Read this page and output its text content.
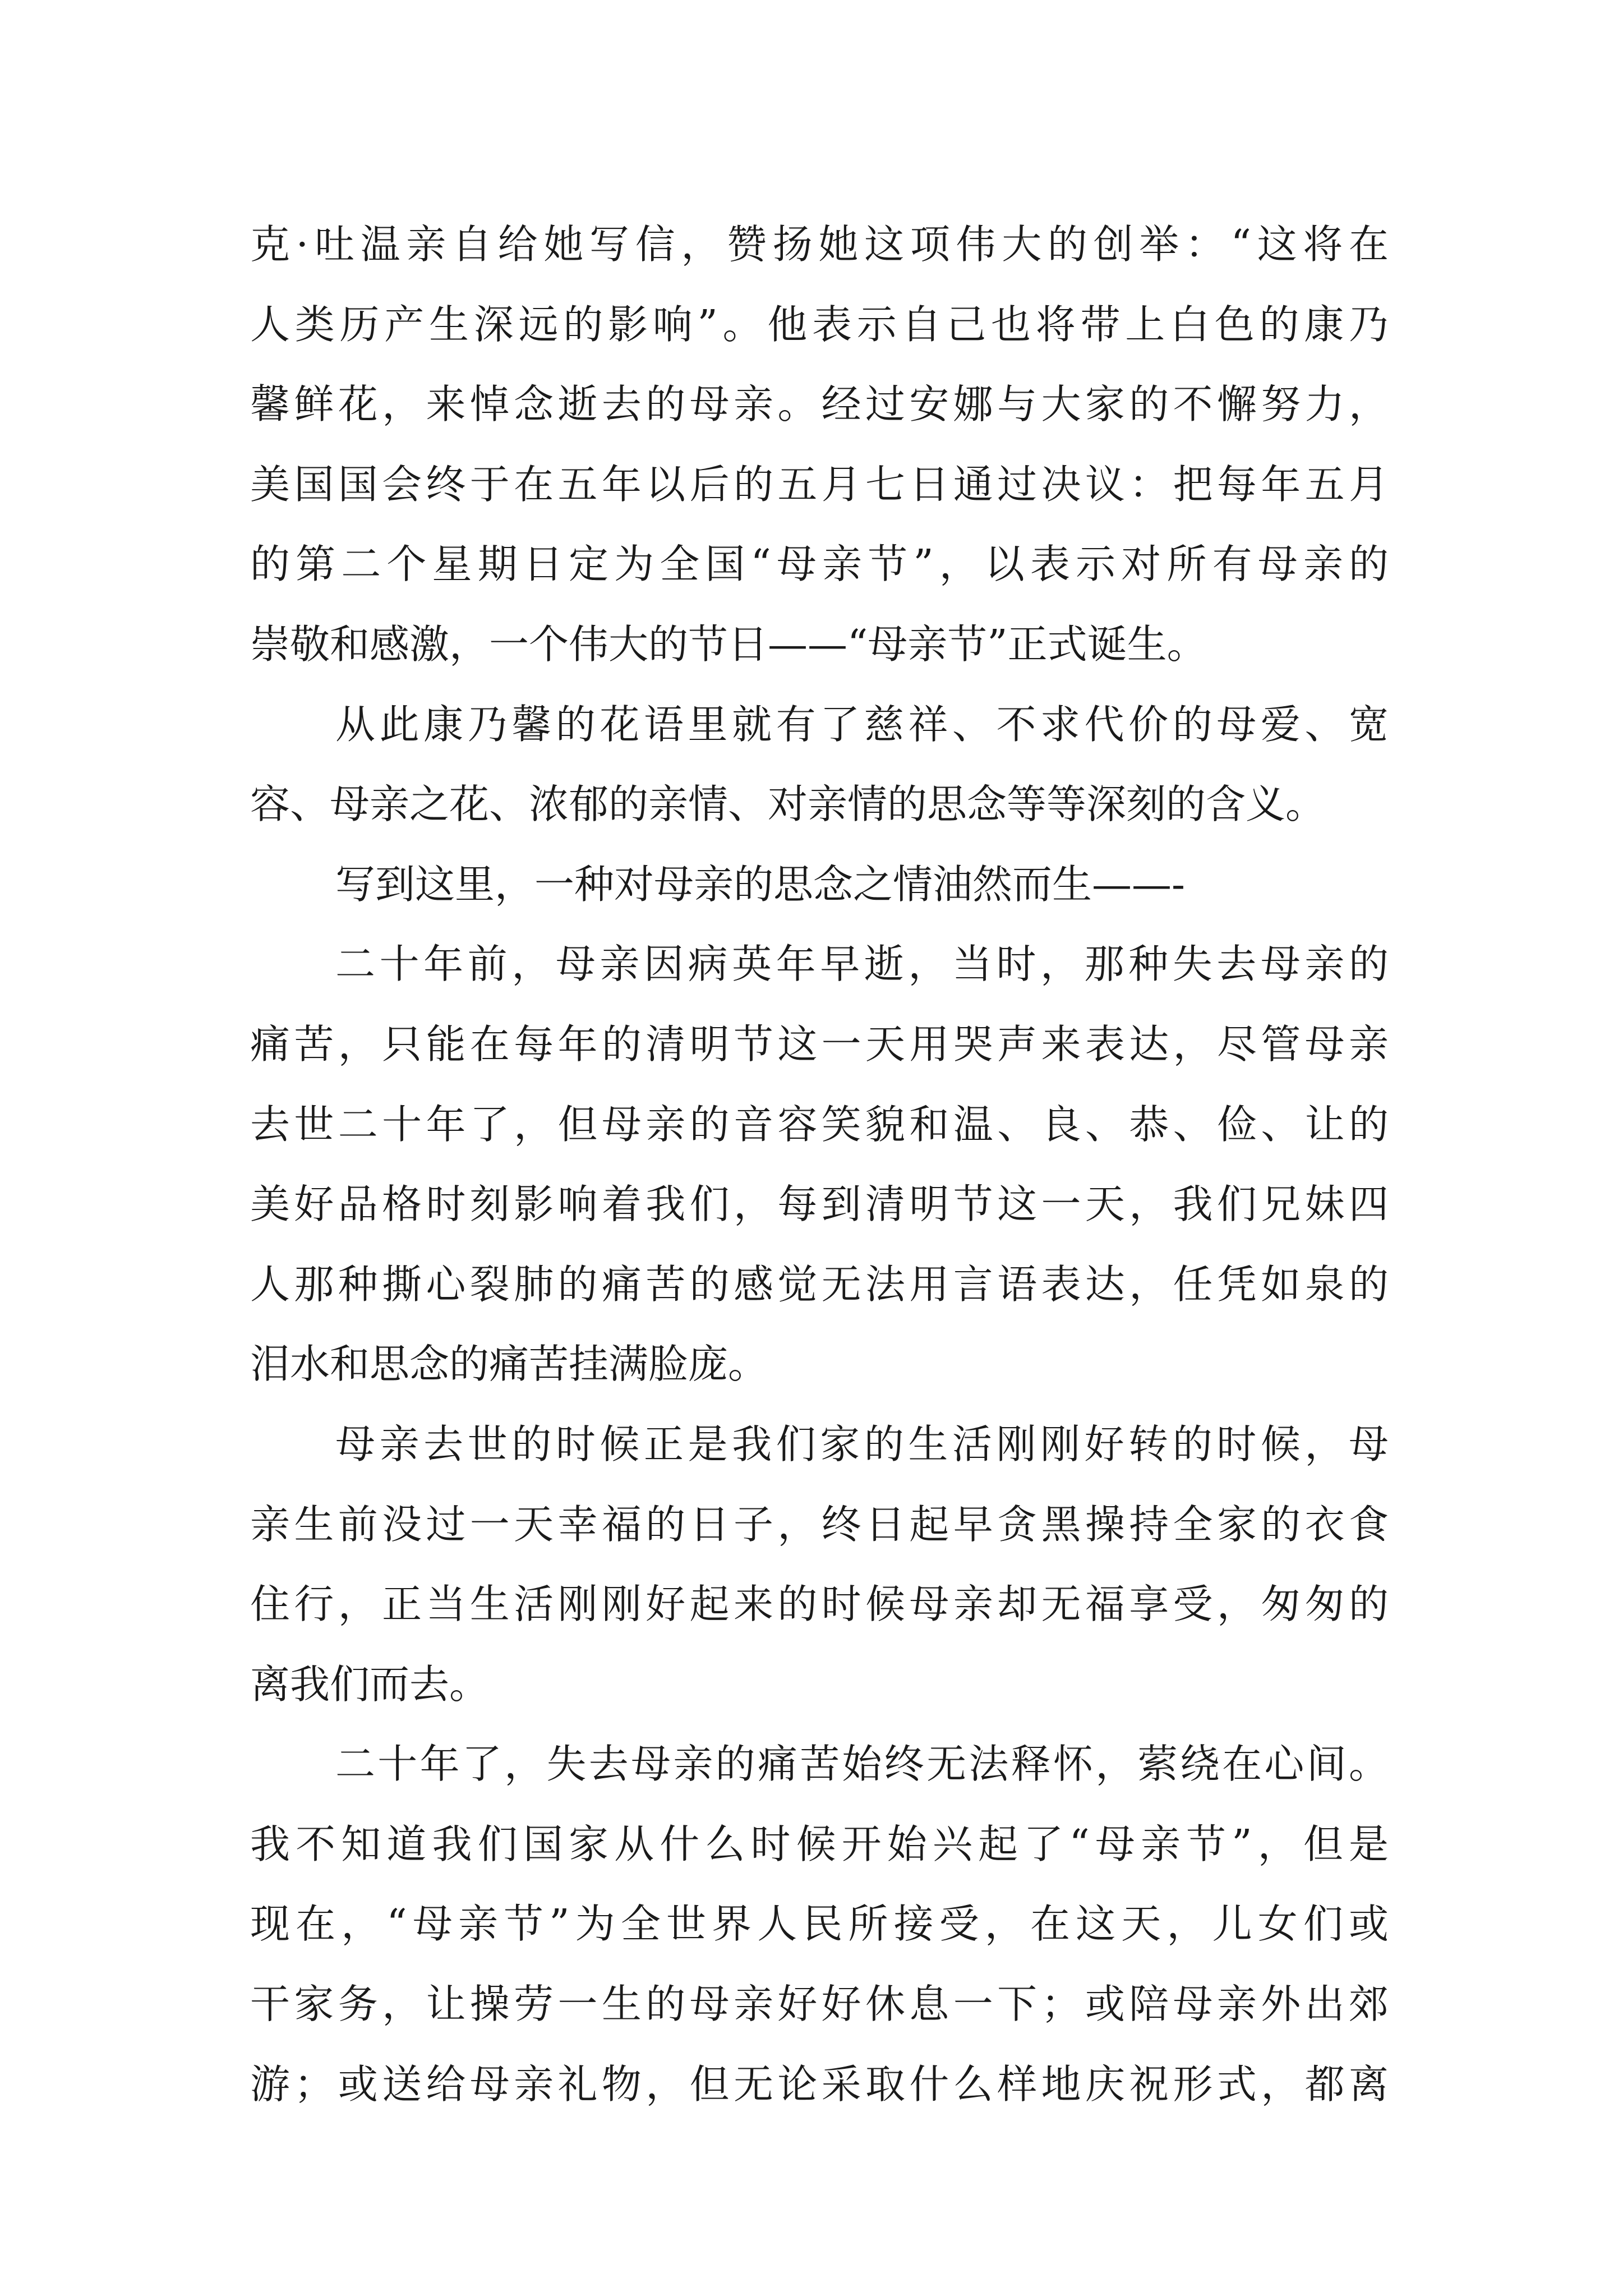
克·吐温亲自给她写信，赞扬她这项伟大的创举：“这将在
人类历产生深远的影响”。他表示自己也将带上白色的康乃
馨鲜花，来悼念逝去的母亲。经过安娜与大家的不懈努力，
美国国会终于在五年以后的五月七日通过决议：把每年五月
的第二个星期日定为全国“母亲节”，以表示对所有母亲的
崇敬和感激，一个伟大的节日——“母亲节”正式诞生。
从此康乃馨的花语里就有了慈祥、不求代价的母爱、宽
容、母亲之花、浓郁的亲情、对亲情的思念等等深刻的含义。
写到这里，一种对母亲的思念之情油然而生——-
二十年前，母亲因病英年早逝，当时，那种失去母亲的
痛苦，只能在每年的清明节这一天用哭声来表达，尽管母亲
去世二十年了，但母亲的音容笑貌和温、良、恭、俭、让的
美好品格时刻影响着我们，每到清明节这一天，我们兄妹四
人那种撕心裂肺的痛苦的感觉无法用言语表达，任凭如泉的
泪水和思念的痛苦挂满脸庞。
母亲去世的时候正是我们家的生活刚刚好转的时候，母
亲生前没过一天幸福的日子，终日起早贪黑操持全家的衣食
住行，正当生活刚刚好起来的时候母亲却无福享受，匆匆的
离我们而去。
二十年了，失去母亲的痛苦始终无法释怀，萦绕在心间。
我不知道我们国家从什么时候开始兴起了“母亲节”，但是
现在，“母亲节”为全世界人民所接受，在这天，儿女们或
干家务，让操劳一生的母亲好好休息一下；或陪母亲外出郊
游；或送给母亲礼物，但无论采取什么样地庆祝形式，都离
